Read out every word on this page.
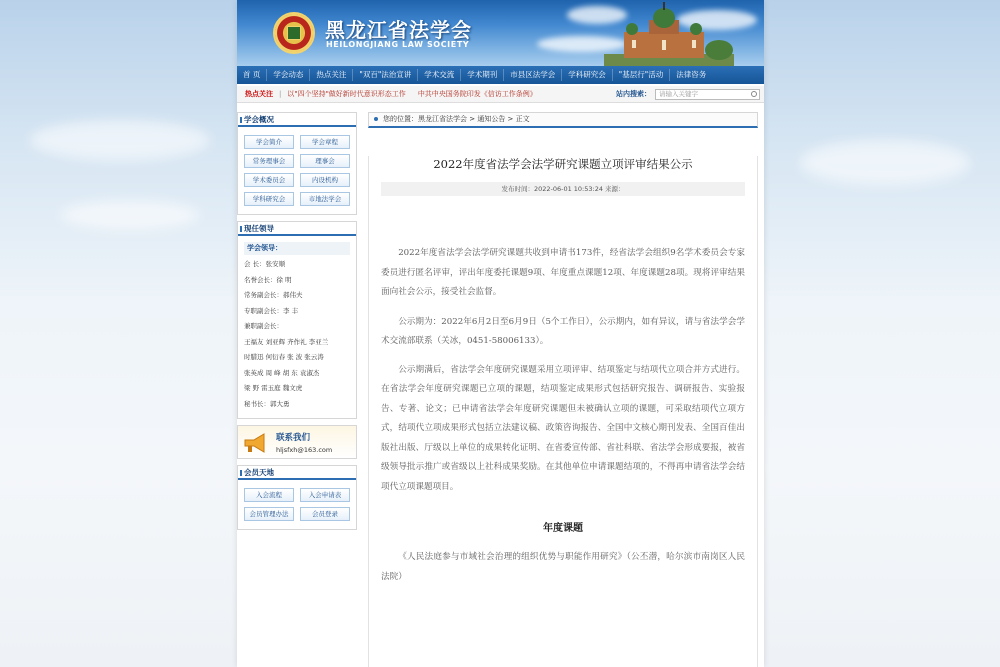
黑龙江省法学会
HEILONGJIANG LAW SOCIETY
首 页	学会动态	热点关注	"双百"法治宣讲	学术交流	学术期刊	市县区法学会	学科研究会	"基层行"活动	法律咨务
热点关注 | 以"四个坚持"做好新时代意识形态工作	中共中央国务院印发《信访工作条例》	站内搜索：	请输入关键字
学会概况
学会简介	学会章程
常务理事会	理事会
学术委员会	内设机构
学科研究会	市地法学会
现任领导
学会领导：
会 长：张安顺
名誉会长：徐 明
常务副会长：郝伟夫
专职副会长：李 丰
兼职副会长：
王福友 刘亚辉 齐作礼 李亚兰
时腊迅 何衍春 张 波 张云涛
张英成 周 峰 胡 东 袁淑杰
梁 野 雷玉庭 魏文虎
秘书长：郭大勇
联系我们
hljsfxh@163.com
会员天地
入会流程	入会申请表
会员管理办法	会员登录
您的位置：黑龙江省法学会 > 通知公告 > 正文
2022年度省法学会法学研究课题立项评审结果公示
发布时间：2022-06-01 10:53:24 来源：

2022年度省法学会法学研究课题共收到申请书173件，经省法学会组织9名学术委员会专家委员进行匿名评审，评出年度委托课题9项、年度重点课题12项、年度课题28项。现将评审结果面向社会公示，接受社会监督。

公示期为：2022年6月2日至6月9日（5个工作日），公示期内，如有异议，请与省法学会学术交流部联系（关冰，0451-58006133）。

公示期满后，省法学会年度研究课题采用立项评审、结项鉴定与结项代立项合并方式进行。在省法学会年度研究课题已立项的课题，结项鉴定成果形式包括研究报告、调研报告、实验报告、专著、论文；已申请省法学会年度研究课题但未被确认立项的课题，可采取结项代立项方式，结项代立项成果形式包括立法建议稿、政策咨询报告、全国中文核心期刊发表、全国百佳出版社出版、厅级以上单位的成果转化证明、在省委宣传部、省社科联、省法学会形成要报，被省级领导批示推广或省级以上社科成果奖励。在其他单位申请课题结项的，不得再申请省法学会结项代立项课题项目。

年度课题

《人民法庭参与市域社会治理的组织优势与职能作用研究》（公丕潜，哈尔滨市南岗区人民法院）
